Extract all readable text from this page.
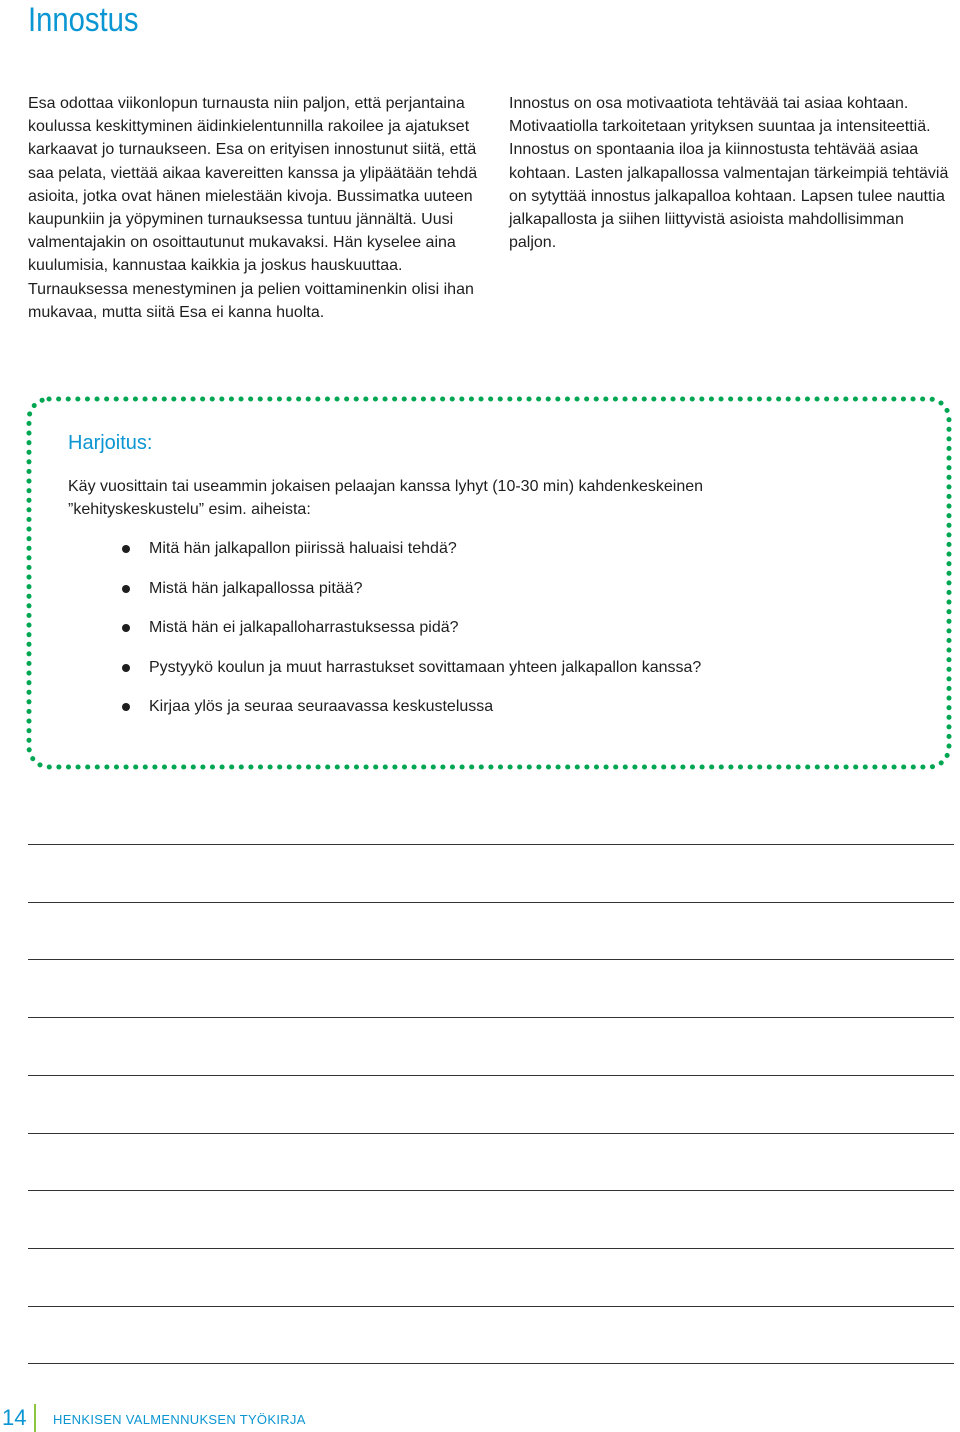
Innostus

Esa odottaa viikonlopun turnausta niin paljon, että perjantaina koulussa keskittyminen äidinkielentunnilla rakoilee ja ajatukset karkaavat jo turnaukseen. Esa on erityisen innostunut siitä, että saa pelata, viettää aikaa kavereitten kanssa ja ylipäätään tehdä asioita, jotka ovat hänen mielestään kivoja. Bussimatka uuteen kaupunkiin ja yöpyminen turnauksessa tuntuu jännältä. Uusi valmentajakin on osoittautunut mukavaksi. Hän kyselee aina kuulumisia, kannustaa kaikkia ja joskus hauskuuttaa. Turnauksessa menestyminen ja pelien voittaminenkin olisi ihan mukavaa, mutta siitä Esa ei kanna huolta.

Innostus on osa motivaatiota tehtävää tai asiaa kohtaan. Motivaatiolla tarkoitetaan yrityksen suuntaa ja intensiteettiä. Innostus on spontaania iloa ja kiinnostusta tehtävää asiaa kohtaan. Lasten jalkapallossa valmentajan tärkeimpiä tehtäviä on sytyttää innostus jalkapalloa kohtaan. Lapsen tulee nauttia jalkapallosta ja siihen liittyvistä asioista mahdollisimman paljon.

Harjoitus:

Käy vuosittain tai useammin jokaisen pelaajan kanssa lyhyt (10-30 min) kahdenkeskeinen ”kehityskeskustelu” esim. aiheista:

Mitä hän jalkapallon piirissä haluaisi tehdä?
Mistä hän jalkapallossa pitää?
Mistä hän ei jalkapalloharrastuksessa pidä?
Pystyykö koulun ja muut harrastukset sovittamaan yhteen jalkapallon kanssa?
Kirjaa ylös ja seuraa seuraavassa keskustelussa
14 HENKISEN VALMENNUKSEN TYÖKIRJA
